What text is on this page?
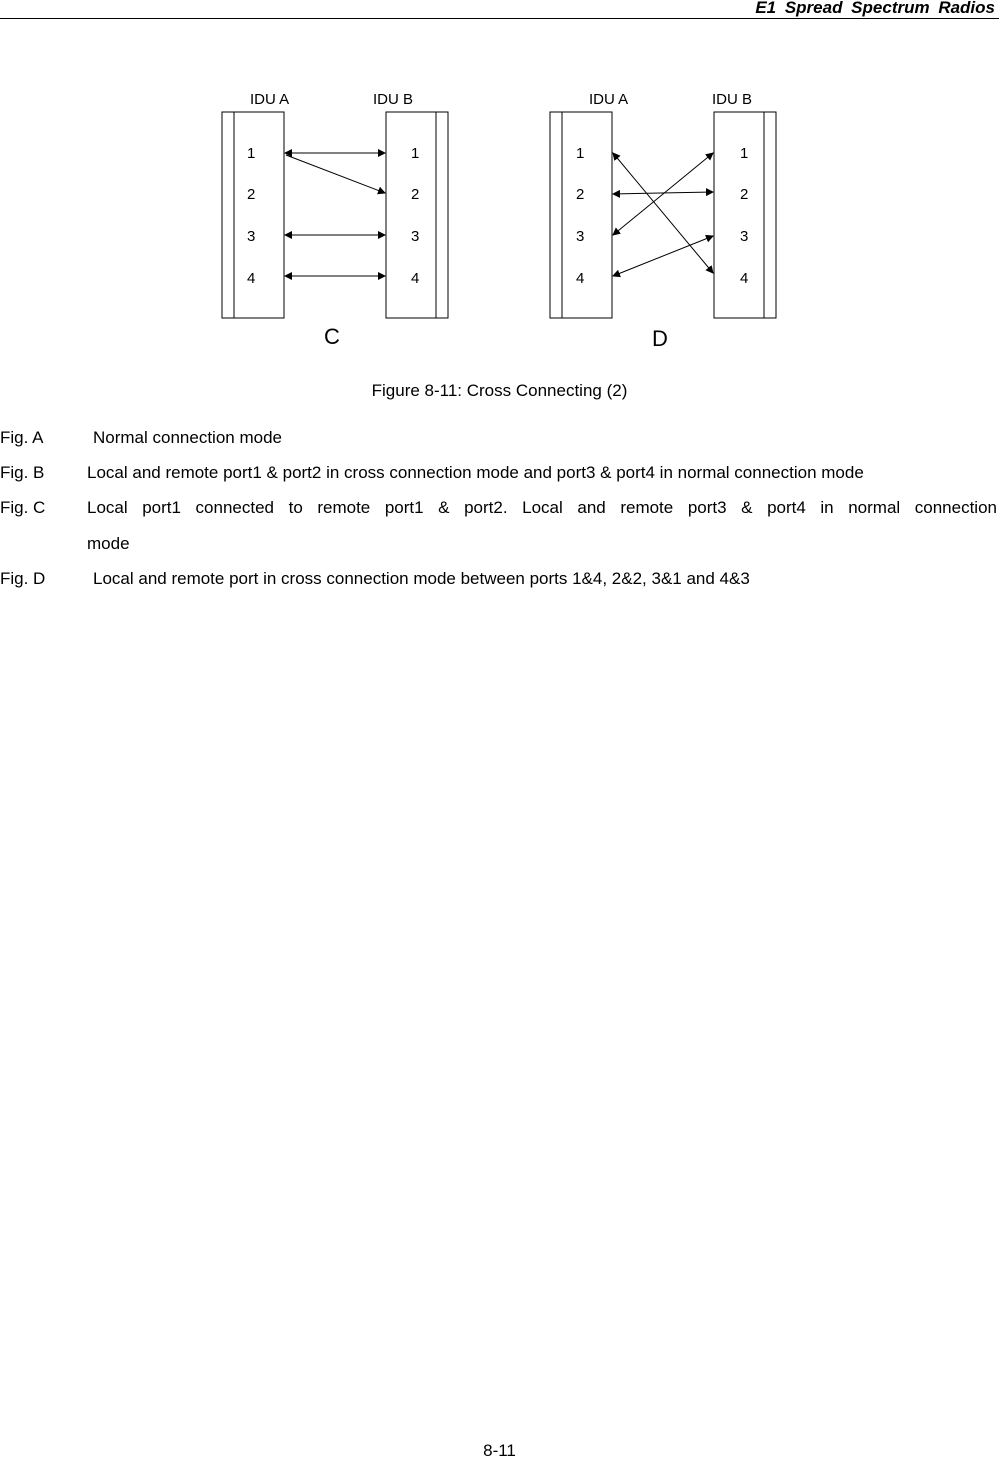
E1 Spread Spectrum Radios
IDU A	IDU B
1
2
3
4
1
2
3
4
C
IDU A	IDU B
1
2
3
4
1
2
3
4
D
Figure 8-11: Cross Connecting (2)
Fig. A	Normal connection mode
Fig. B	Local and remote port1 & port2 in cross connection mode and port3 & port4 in normal connection mode
Fig. C Local port1 connected to remote port1 & port2. Local and remote port3 & port4 in normal connection
mode
Fig. D	Local and remote port in cross connection mode between ports 1&4, 2&2, 3&1 and 4&3
8-11
